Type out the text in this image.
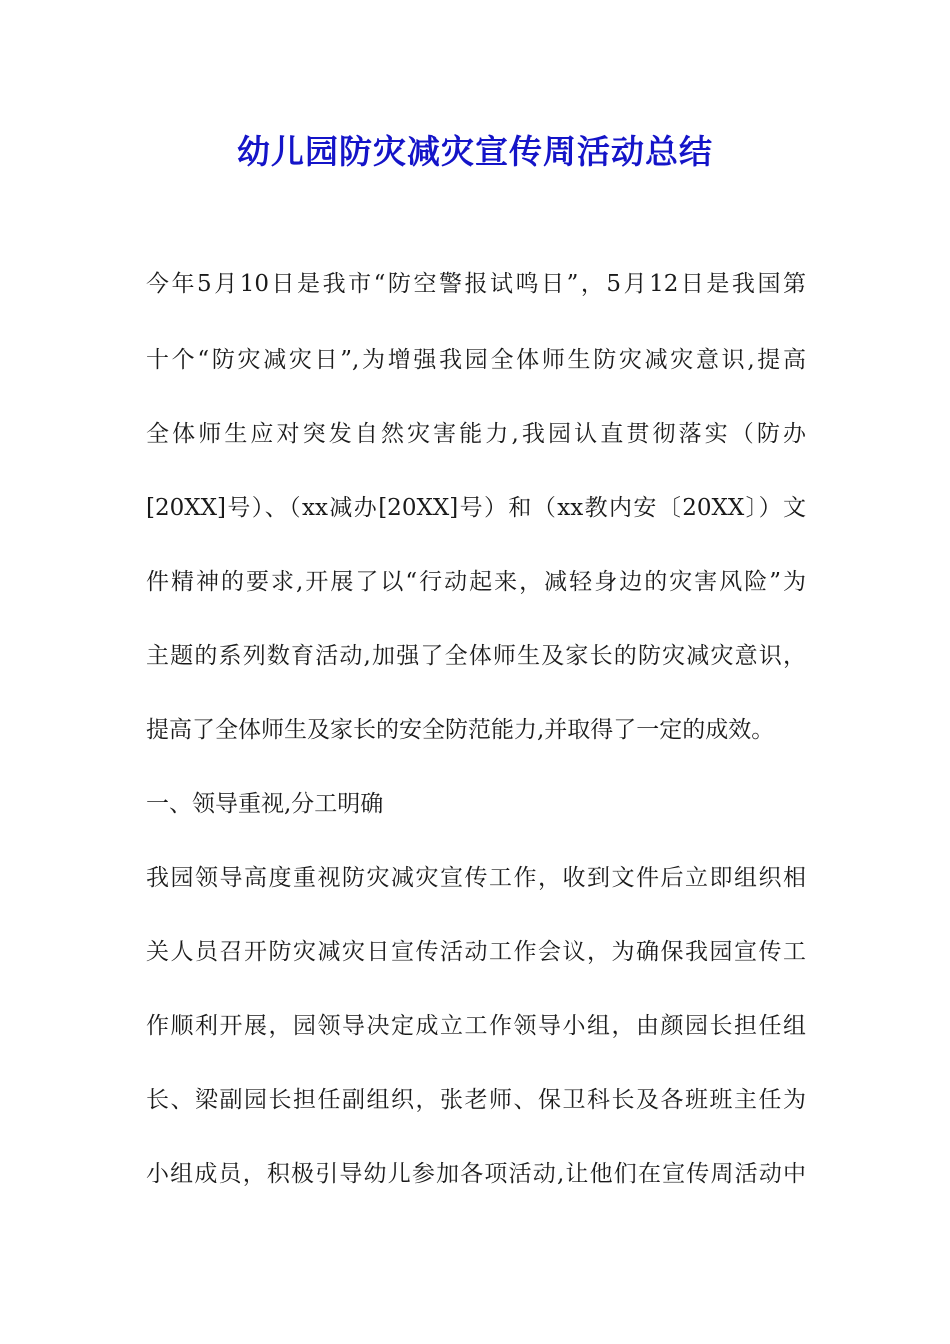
幼儿园防灾减灾宣传周活动总结

今年5月10日是我市“防空警报试鸣日”，5月12日是我国第

十个“防灾减灾日”,为增强我园全体师生防灾减灾意识,提高

全体师生应对突发自然灾害能力,我园认直贯彻落实（防办

[20XX]号）、（xx减办[20XX]号）和（xx教内安〔20XX〕）文

件精神的要求,开展了以“行动起来，减轻身边的灾害风险”为

主题的系列数育活动,加强了全体师生及家长的防灾减灾意识，

提高了全体师生及家长的安全防范能力,并取得了一定的成效。

一、领导重视,分工明确

我园领导高度重视防灾减灾宣传工作，收到文件后立即组织相

关人员召开防灾减灾日宣传活动工作会议，为确保我园宣传工

作顺利开展，园领导决定成立工作领导小组，由颜园长担任组

长、梁副园长担任副组织，张老师、保卫科长及各班班主任为

小组成员，积极引导幼儿参加各项活动,让他们在宣传周活动中
